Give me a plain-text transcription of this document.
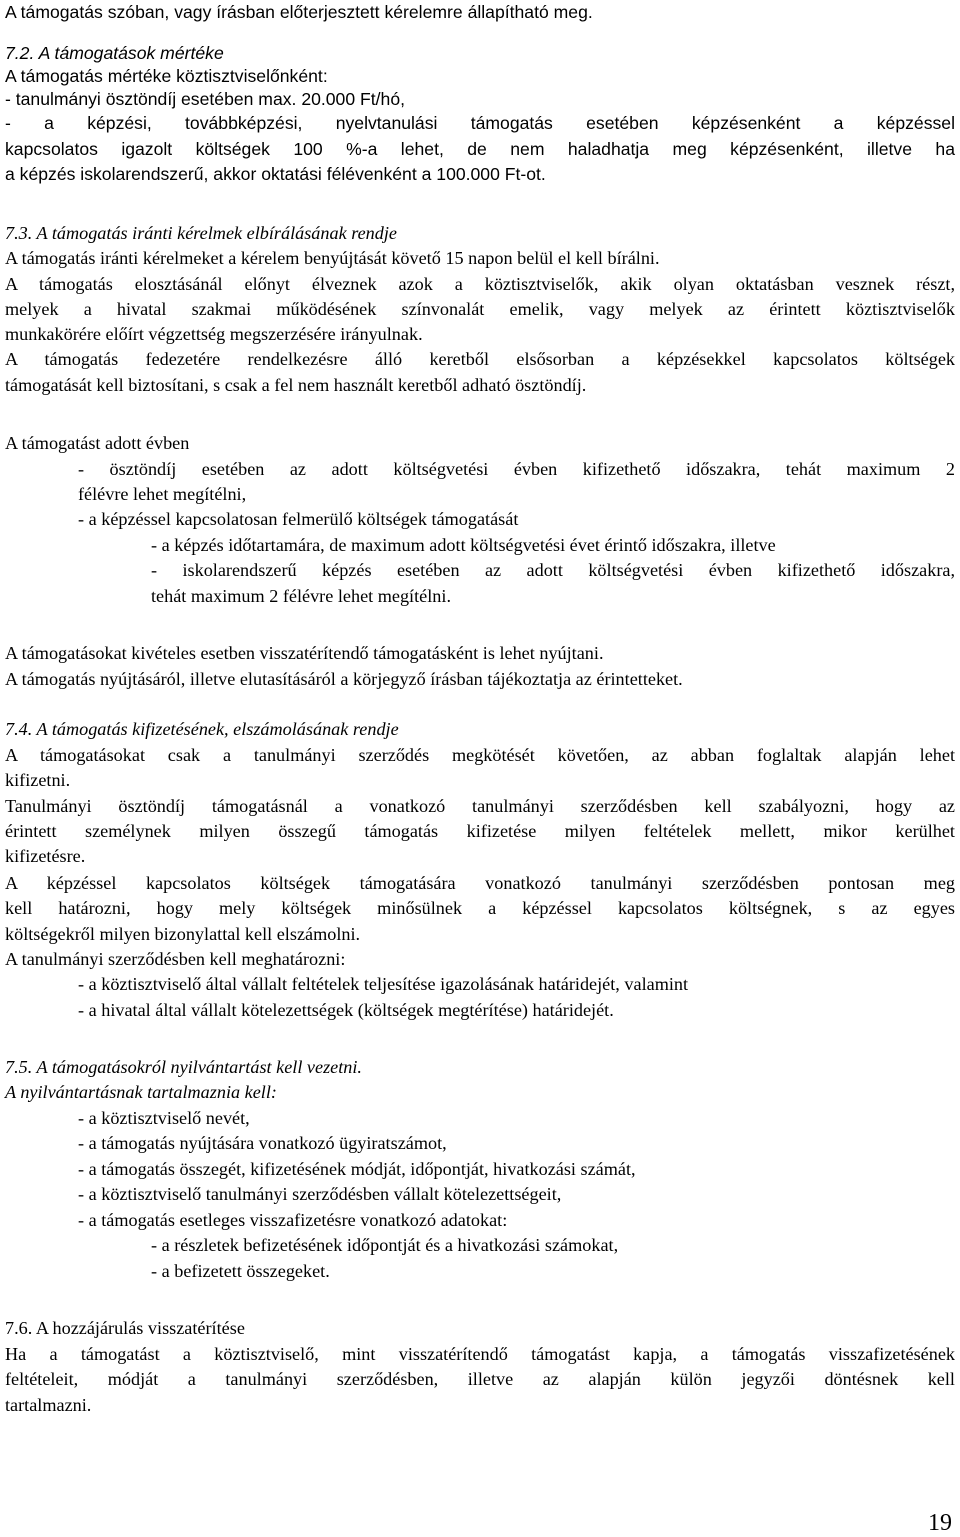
A támogatás szóban, vagy írásban előterjesztett kérelemre állapítható meg.
7.2. A támogatások mértéke
A támogatás mértéke köztisztviselőnként:
- tanulmányi ösztöndíj esetében max. 20.000 Ft/hó,
- a képzési, továbbképzési, nyelvtanulási támogatás esetében képzésenként a képzéssel
kapcsolatos igazolt költségek 100 %-a lehet, de nem haladhatja meg képzésenként, illetve ha
a képzés iskolarendszerű, akkor oktatási félévenként a 100.000 Ft-ot.
7.3. A támogatás iránti kérelmek elbírálásának rendje
A támogatás iránti kérelmeket a kérelem benyújtását követő 15 napon belül el kell bírálni.
A támogatás elosztásánál előnyt élveznek azok a köztisztviselők, akik olyan oktatásban vesznek részt,
melyek a hivatal szakmai működésének színvonalát emelik, vagy melyek az érintett köztisztviselők
munkakörére előírt végzettség megszerzésére irányulnak.
A támogatás fedezetére rendelkezésre álló keretből elsősorban a képzésekkel kapcsolatos költségek
támogatását kell biztosítani, s csak a fel nem használt keretből adható ösztöndíj.
A támogatást adott évben
- ösztöndíj esetében az adott költségvetési évben kifizethető időszakra, tehát maximum 2
félévre lehet megítélni,
- a képzéssel kapcsolatosan felmerülő költségek támogatását
- a képzés időtartamára, de maximum adott költségvetési évet érintő időszakra, illetve
- iskolarendszerű képzés esetében az adott költségvetési évben kifizethető időszakra,
tehát maximum 2 félévre lehet megítélni.
A támogatásokat kivételes esetben visszatérítendő támogatásként is lehet nyújtani.
A támogatás nyújtásáról, illetve elutasításáról a körjegyző írásban tájékoztatja az érintetteket.
7.4. A támogatás kifizetésének, elszámolásának rendje
A támogatásokat csak a tanulmányi szerződés megkötését követően, az abban foglaltak alapján lehet
kifizetni.
Tanulmányi ösztöndíj támogatásnál a vonatkozó tanulmányi szerződésben kell szabályozni, hogy az
érintett személynek milyen összegű támogatás kifizetése milyen feltételek mellett, mikor kerülhet
kifizetésre.
A képzéssel kapcsolatos költségek támogatására vonatkozó tanulmányi szerződésben pontosan meg
kell határozni, hogy mely költségek minősülnek a képzéssel kapcsolatos költségnek, s az egyes
költségekről milyen bizonylattal kell elszámolni.
A tanulmányi szerződésben kell meghatározni:
- a köztisztviselő által vállalt feltételek teljesítése igazolásának határidejét, valamint
- a hivatal által vállalt kötelezettségek (költségek megtérítése) határidejét.
7.5. A támogatásokról nyilvántartást kell vezetni.
A nyilvántartásnak tartalmaznia kell:
- a köztisztviselő nevét,
- a támogatás nyújtására vonatkozó ügyiratszámot,
- a támogatás összegét, kifizetésének módját, időpontját, hivatkozási számát,
- a köztisztviselő tanulmányi szerződésben vállalt kötelezettségeit,
- a támogatás esetleges visszafizetésre vonatkozó adatokat:
- a részletek befizetésének időpontját és a hivatkozási számokat,
- a befizetett összegeket.
7.6. A hozzájárulás visszatérítése
Ha a támogatást a köztisztviselő, mint visszatérítendő támogatást kapja, a támogatás visszafizetésének
feltételeit, módját a tanulmányi szerződésben, illetve az alapján külön jegyzői döntésnek kell
tartalmazni.
19
